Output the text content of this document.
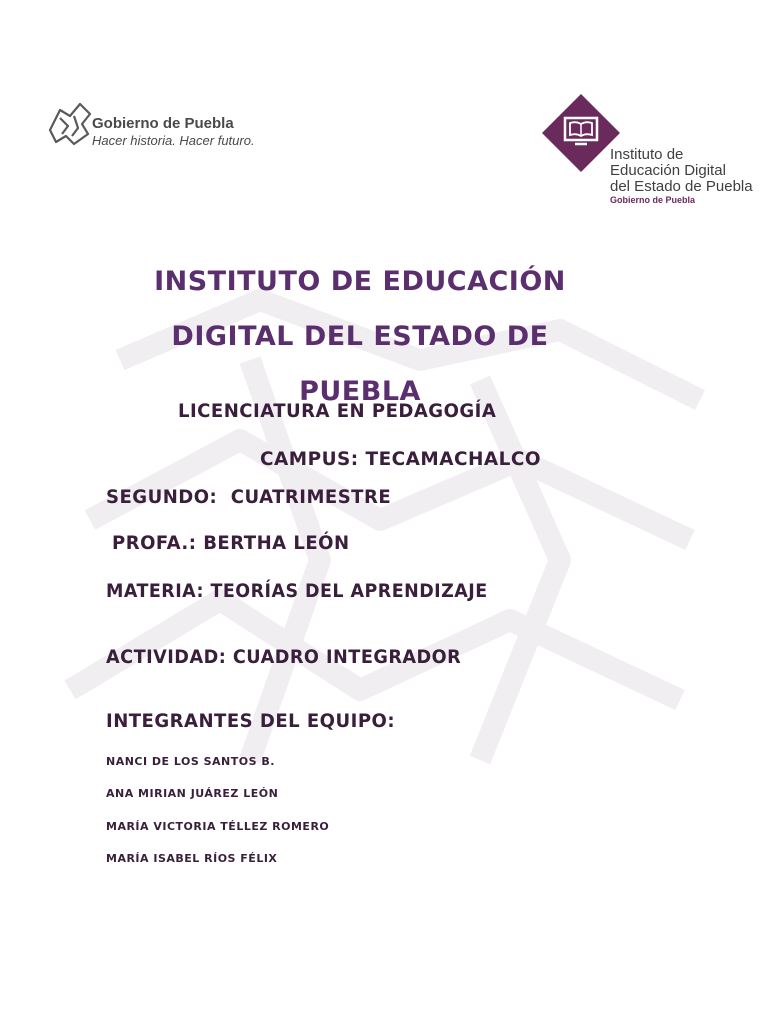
Gobierno de Puebla
Hacer historia. Hacer futuro.
Instituto de
Educación Digital
del Estado de Puebla
Gobierno de Puebla
INSTITUTO DE EDUCACIÓN
DIGITAL DEL ESTADO DE
PUEBLA

LICENCIATURA EN PEDAGOGÍA

CAMPUS: TECAMACHALCO

SEGUNDO:  CUATRIMESTRE

PROFA.: BERTHA LEÓN

MATERIA: TEORÍAS DEL APRENDIZAJE

ACTIVIDAD: CUADRO INTEGRADOR

INTEGRANTES DEL EQUIPO:

NANCI DE LOS SANTOS B.

ANA MIRIAN JUÁREZ LEÓN

MARÍA VICTORIA TÉLLEZ ROMERO

MARÍA ISABEL RÍOS FÉLIX
